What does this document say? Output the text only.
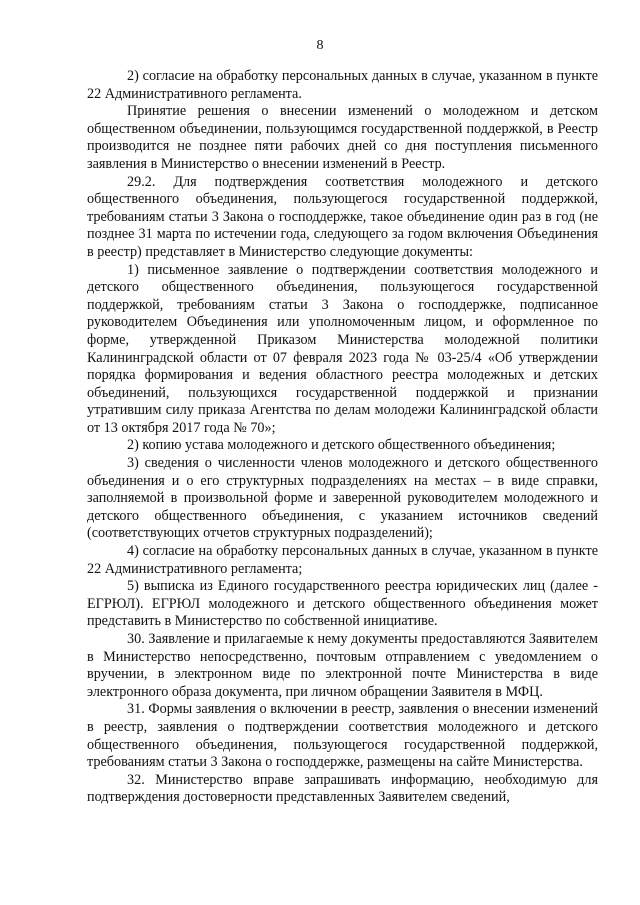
8

2) согласие на обработку персональных данных в случае, указанном в пункте 22 Административного регламента.

Принятие решения о внесении изменений о молодежном и детском общественном объединении, пользующимся государственной поддержкой, в Реестр производится не позднее пяти рабочих дней со дня поступления письменного заявления в Министерство о внесении изменений в Реестр.

29.2. Для подтверждения соответствия молодежного и детского общественного объединения, пользующегося государственной поддержкой, требованиям статьи 3 Закона о господдержке, такое объединение один раз в год (не позднее 31 марта по истечении года, следующего за годом включения Объединения в реестр) представляет в Министерство следующие документы:

1) письменное заявление о подтверждении соответствия молодежного и детского общественного объединения, пользующегося государственной поддержкой, требованиям статьи 3 Закона о господдержке, подписанное руководителем Объединения или уполномоченным лицом, и оформленное по форме, утвержденной Приказом Министерства молодежной политики Калининградской области от 07 февраля 2023 года № 03-25/4 «Об утверждении порядка формирования и ведения областного реестра молодежных и детских объединений, пользующихся государственной поддержкой и признании утратившим силу приказа Агентства по делам молодежи Калининградской области от 13 октября 2017 года № 70»;

2) копию устава молодежного и детского общественного объединения;

3) сведения о численности членов молодежного и детского общественного объединения и о его структурных подразделениях на местах – в виде справки, заполняемой в произвольной форме и заверенной руководителем молодежного и детского общественного объединения, с указанием источников сведений (соответствующих отчетов структурных подразделений);

4) согласие на обработку персональных данных в случае, указанном в пункте 22 Административного регламента;

5) выписка из Единого государственного реестра юридических лиц (далее - ЕГРЮЛ). ЕГРЮЛ молодежного и детского общественного объединения может представить в Министерство по собственной инициативе.

30. Заявление и прилагаемые к нему документы предоставляются Заявителем в Министерство непосредственно, почтовым отправлением с уведомлением о вручении, в электронном виде по электронной почте Министерства в виде электронного образа документа, при личном обращении Заявителя в МФЦ.

31. Формы заявления о включении в реестр, заявления о внесении изменений в реестр, заявления о подтверждении соответствия молодежного и детского общественного объединения, пользующегося государственной поддержкой, требованиям статьи 3 Закона о господдержке, размещены на сайте Министерства.

32. Министерство вправе запрашивать информацию, необходимую для подтверждения достоверности представленных Заявителем сведений,
